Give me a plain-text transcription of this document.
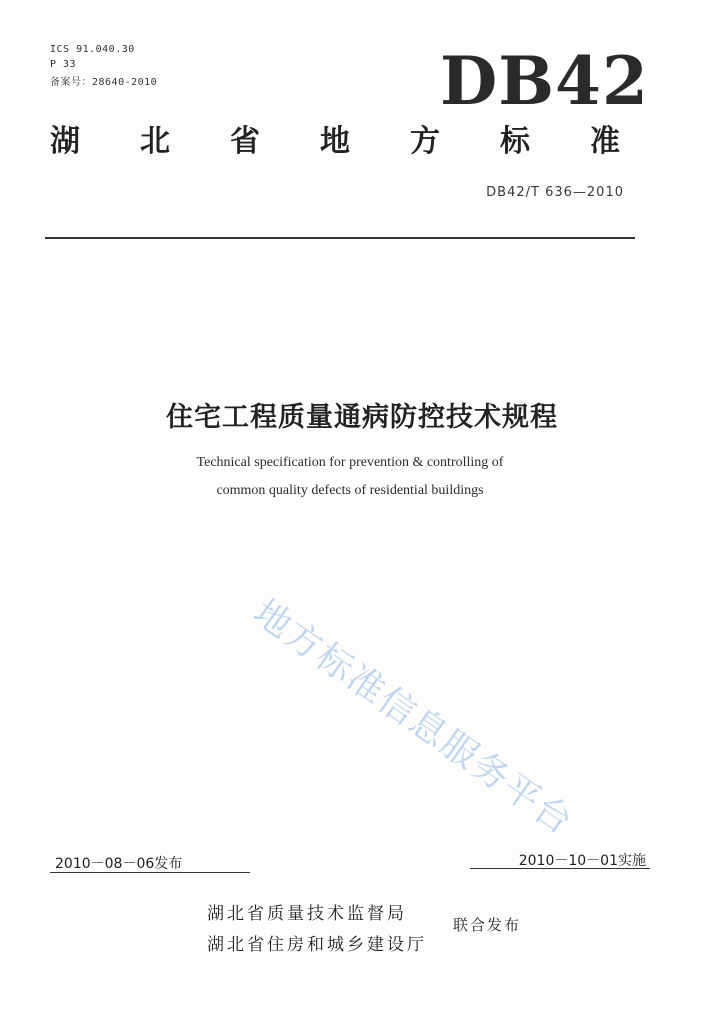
ICS 91.040.30
P 33
备案号：28640-2010	DB42
湖 北 省 地 方 标 准
DB42/T 636—2010
住宅工程质量通病防控技术规程
Technical specification for prevention & controlling of
common quality defects of residential buildings
地方标准信息服务平台
2010－08－06发布	2010－10－01实施
湖北省质量技术监督局
湖北省住房和城乡建设厅
联合发布
